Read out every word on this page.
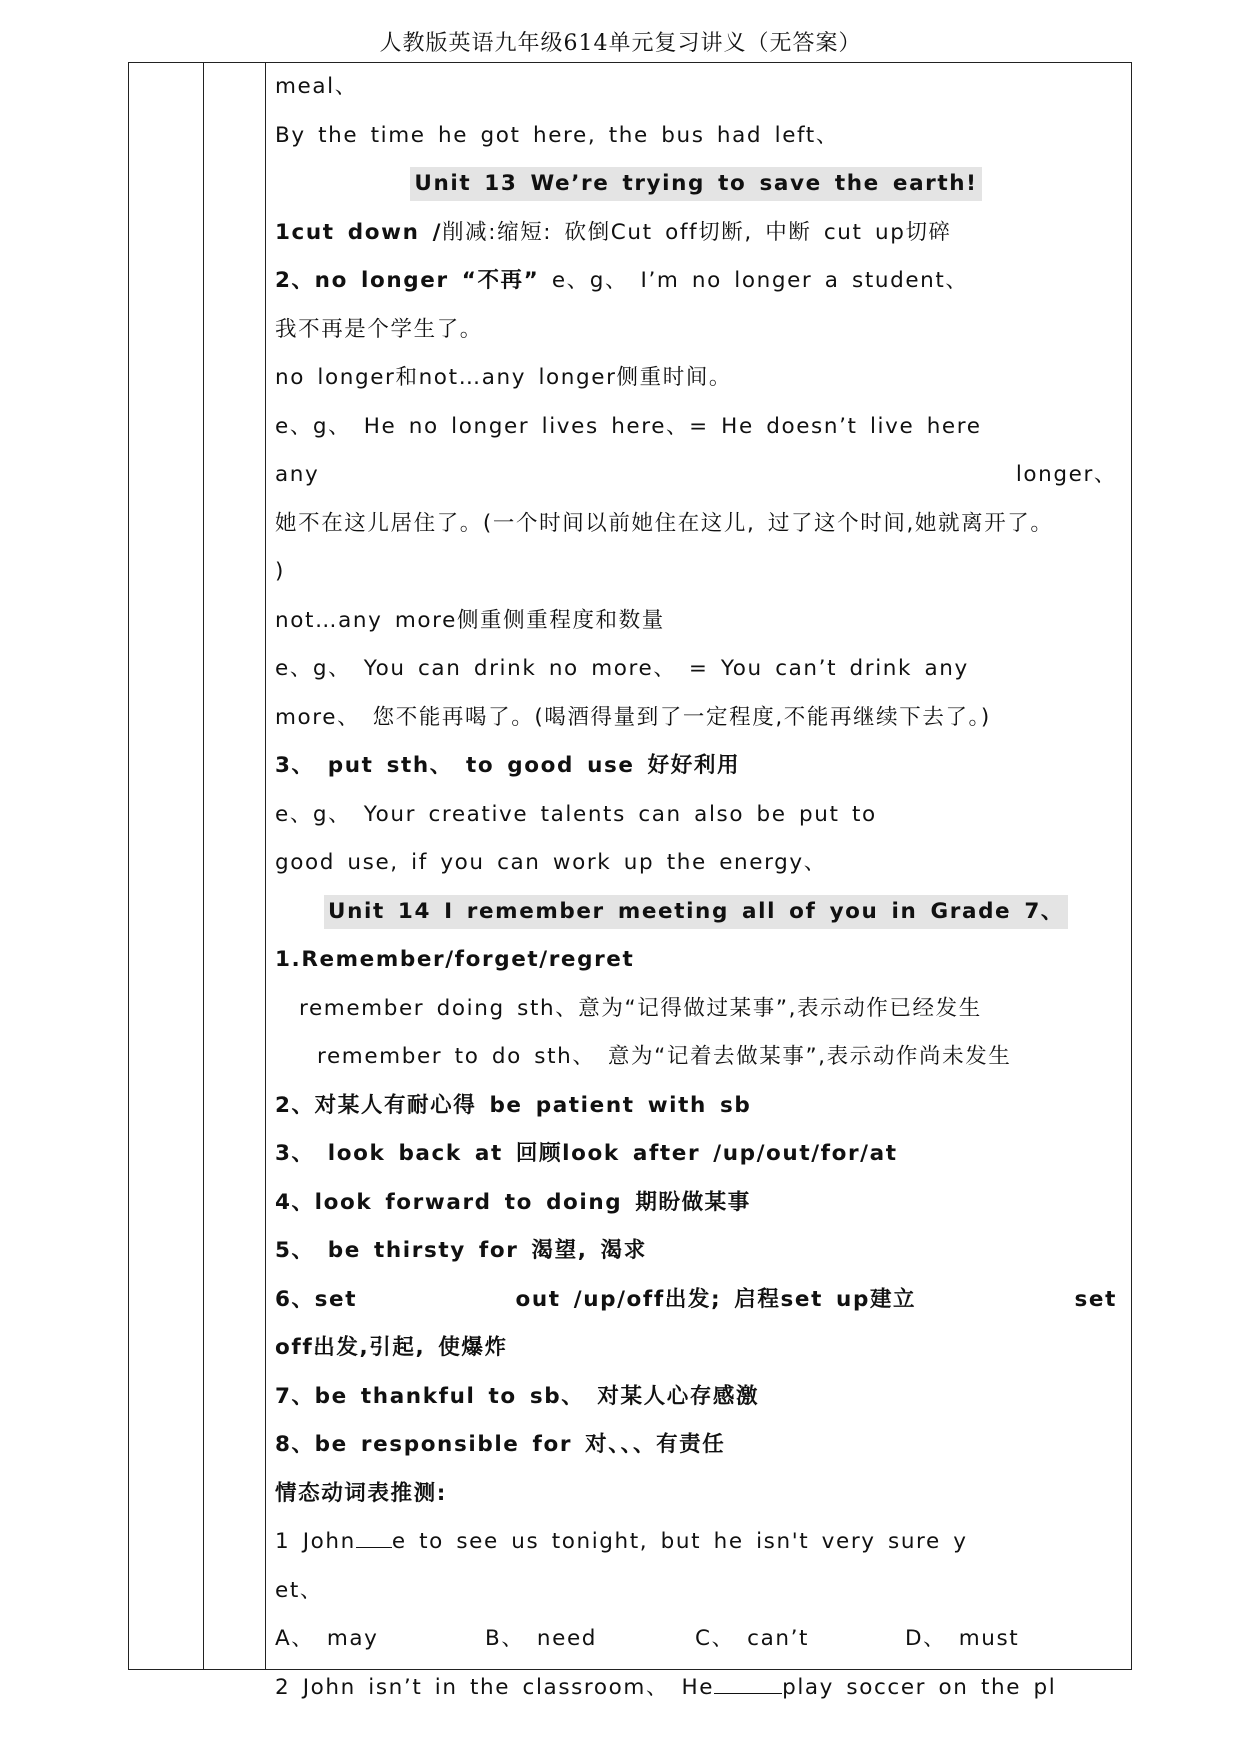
人教版英语九年级614单元复习讲义（无答案）
meal、
By the time he got here, the bus had left、
Unit 13 We’re trying to save the earth!
1cut down /削减:缩短: 砍倒Cut off切断, 中断 cut up切碎
2、no longer “不再” e、g、 I’m no longer a student、
我不再是个学生了。
no longer和not…any longer侧重时间。
e、g、 He no longer lives here、= He doesn’t live here
any	longer、
她不在这儿居住了。(一个时间以前她住在这儿, 过了这个时间,她就离开了。
)
not…any more侧重侧重程度和数量
e、g、 You can drink no more、 = You can’t drink any
more、 您不能再喝了。(喝酒得量到了一定程度,不能再继续下去了。)
3、 put sth、 to good use 好好利用
e、g、 Your creative talents can also be put to
good use, if you can work up the energy、
Unit 14 I remember meeting all of you in Grade 7、
1.Remember/forget/regret
remember doing sth、意为“记得做过某事”,表示动作已经发生
remember to do sth、 意为“记着去做某事”,表示动作尚未发生
2、对某人有耐心得 be patient with sb
3、 look back at 回顾look after /up/out/for/at
4、look forward to doing 期盼做某事
5、 be thirsty for 渴望, 渴求
6、set	out /up/off出发; 启程set up建立	set
off出发,引起, 使爆炸
7、be thankful to sb、 对某人心存感激
8、be responsible for 对、、、有责任
情态动词表推测:
1 John e to see us tonight, but he isn't very sure y
et、
A、 may	B、 need	C、 can’t	D、 must
2 John isn’t in the classroom、 He	play soccer on the pl
